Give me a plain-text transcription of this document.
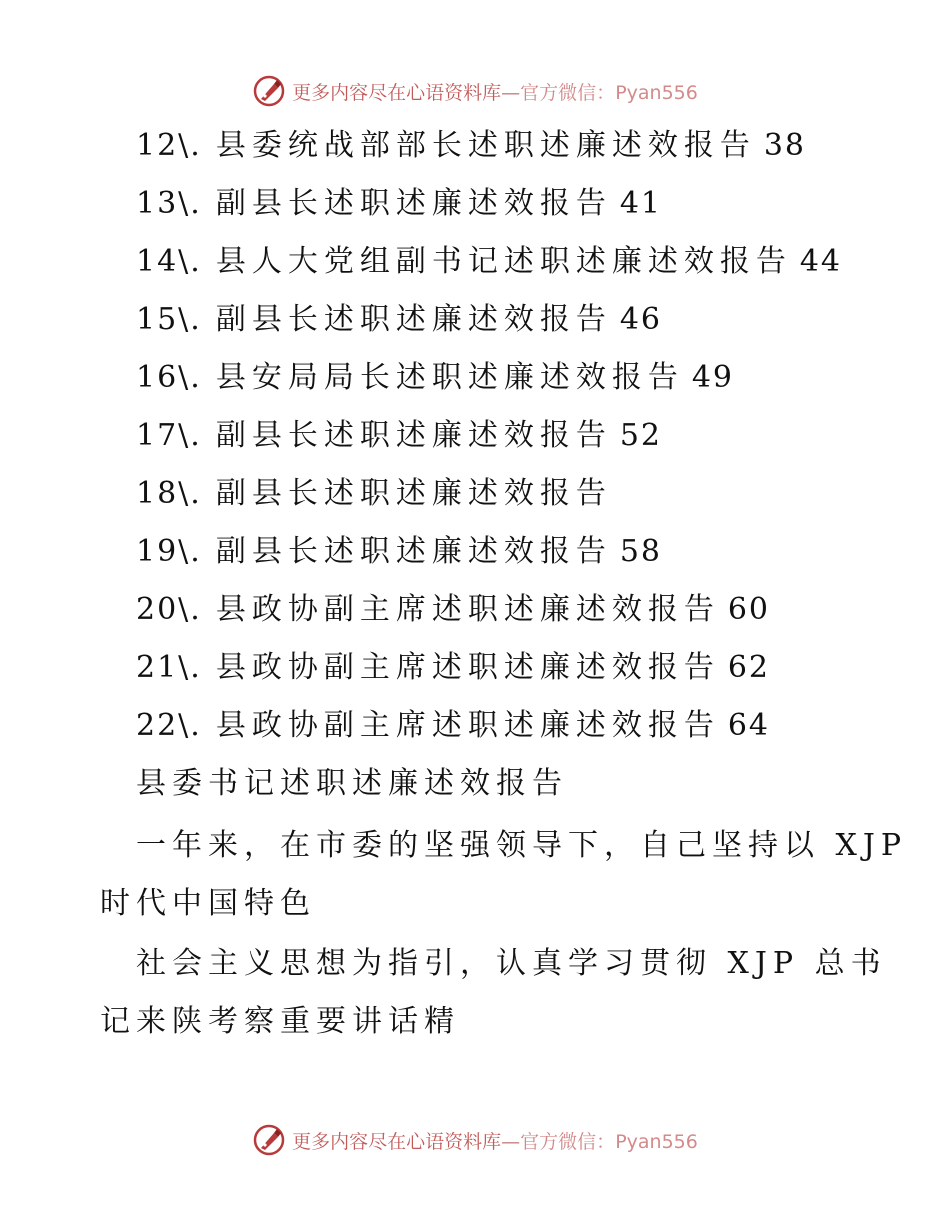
更多内容尽在心语资料库—官方微信：Pyan556
12\. 县委统战部部长述职述廉述效报告 38
13\. 副县长述职述廉述效报告 41
14\. 县人大党组副书记述职述廉述效报告 44
15\. 副县长述职述廉述效报告 46
16\. 县安局局长述职述廉述效报告 49
17\. 副县长述职述廉述效报告 52
18\. 副县长述职述廉述效报告
19\. 副县长述职述廉述效报告 58
20\. 县政协副主席述职述廉述效报告 60
21\. 县政协副主席述职述廉述效报告 62
22\. 县政协副主席述职述廉述效报告 64
县委书记述职述廉述效报告
一年来，在市委的坚强领导下，自己坚持以 XJP
时代中国特色
社会主义思想为指引，认真学习贯彻 XJP 总书
记来陕考察重要讲话精
更多内容尽在心语资料库—官方微信：Pyan556
